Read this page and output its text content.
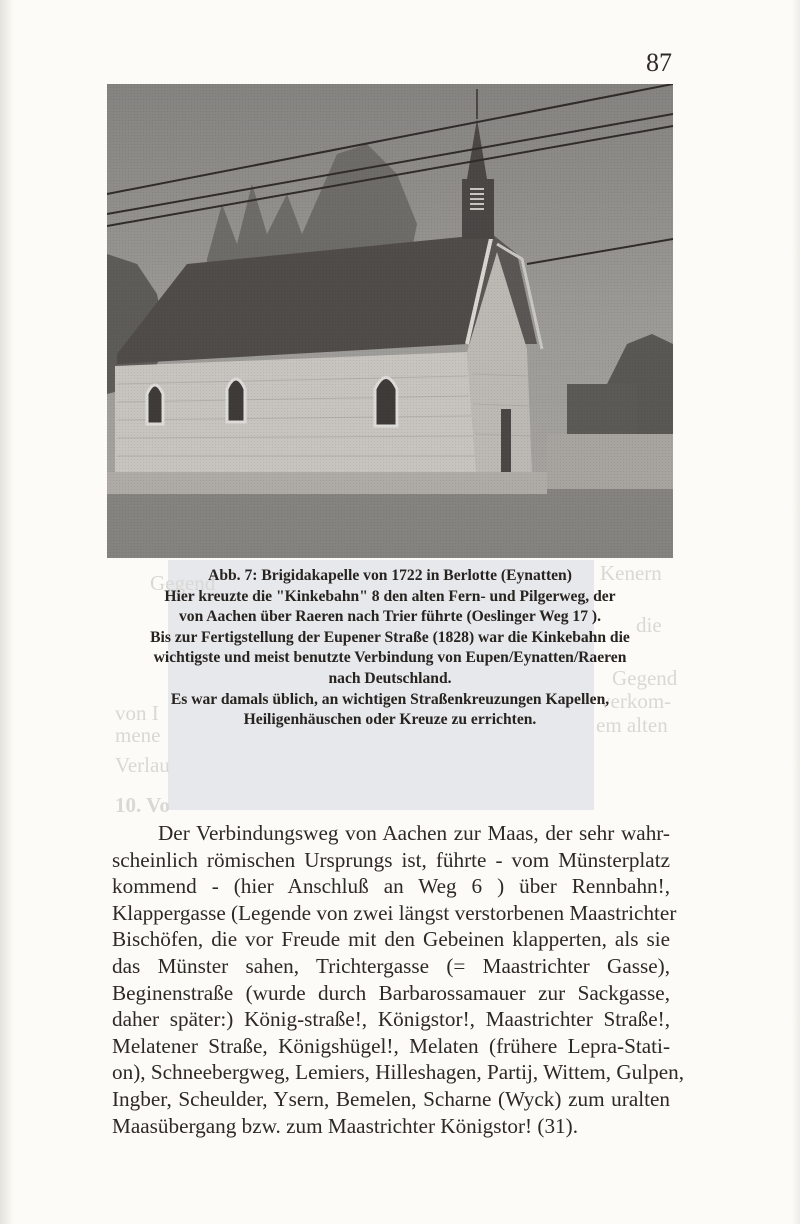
87
Gegend
Verlau
10. Vo
von I
mene
Kenern
Gegend
verkom-
em alten
die
Abb. 7: Brigidakapelle von 1722 in Berlotte (Eynatten)
Hier kreuzte die "Kinkebahn" 8 den alten Fern- und Pilgerweg, der
von Aachen über Raeren nach Trier führte (Oeslinger Weg 17 ).
Bis zur Fertigstellung der Eupener Straße (1828) war die Kinkebahn die
wichtigste und meist benutzte Verbindung von Eupen/Eynatten/Raeren
nach Deutschland.
Es war damals üblich, an wichtigen Straßenkreuzungen Kapellen,
Heiligenhäuschen oder Kreuze zu errichten.
Der Verbindungsweg von Aachen zur Maas, der sehr wahr-
scheinlich römischen Ursprungs ist, führte - vom Münsterplatz
kommend - (hier Anschluß an Weg 6 ) über Rennbahn!,
Klappergasse (Legende von zwei längst verstorbenen Maastrichter
Bischöfen, die vor Freude mit den Gebeinen klapperten, als sie
das Münster sahen, Trichtergasse (= Maastrichter Gasse),
Beginenstraße (wurde durch Barbarossamauer zur Sackgasse,
daher später:) König-straße!, Königstor!, Maastrichter Straße!,
Melatener Straße, Königshügel!, Melaten (frühere Lepra-Stati-
on), Schneebergweg, Lemiers, Hilleshagen, Partij, Wittem, Gulpen,
Ingber, Scheulder, Ysern, Bemelen, Scharne (Wyck) zum uralten
Maasübergang bzw. zum Maastrichter Königstor! (31).
